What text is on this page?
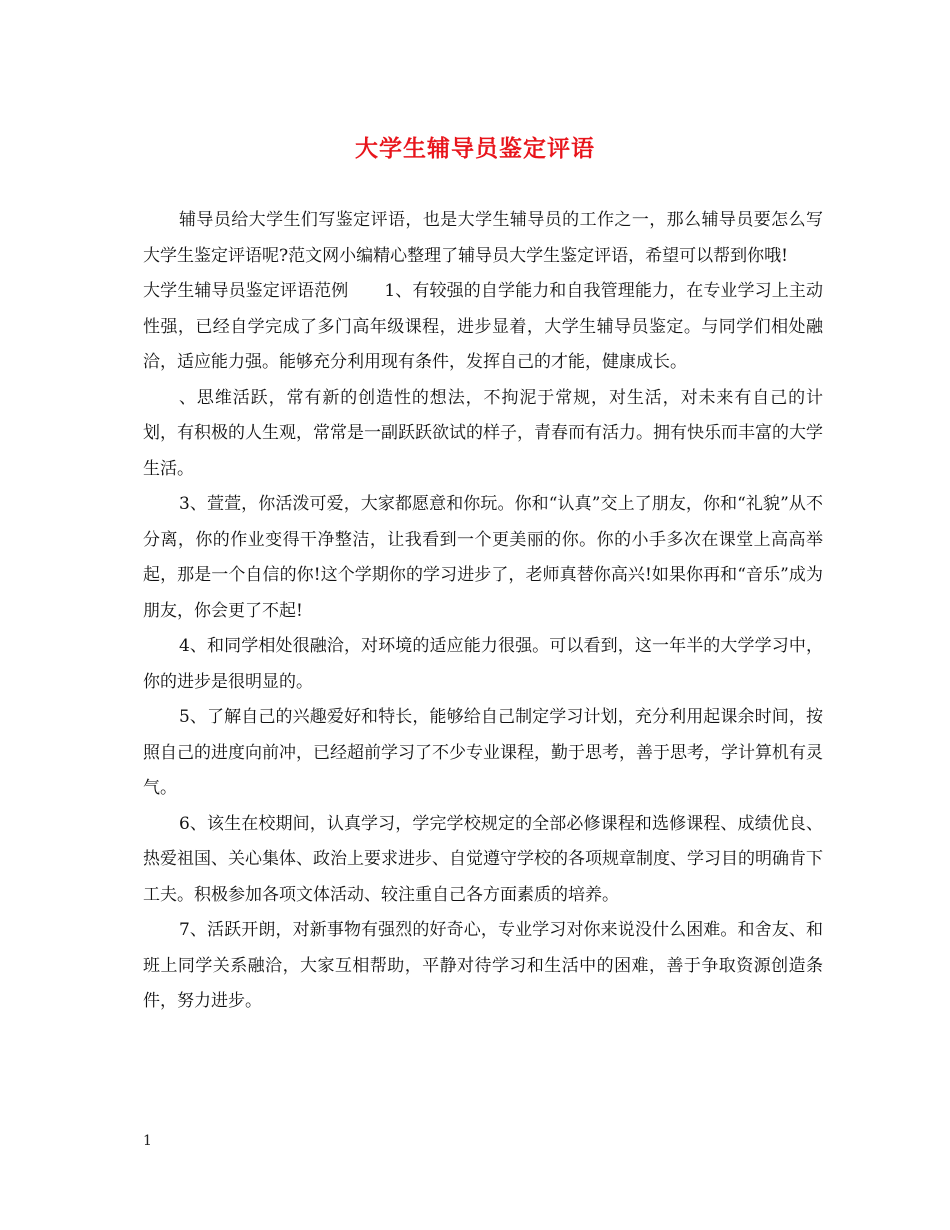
大学生辅导员鉴定评语

辅导员给大学生们写鉴定评语，也是大学生辅导员的工作之一，那么辅导员要怎么写大学生鉴定评语呢?范文网小编精心整理了辅导员大学生鉴定评语，希望可以帮到你哦!

大学生辅导员鉴定评语范例 1、有较强的自学能力和自我管理能力，在专业学习上主动性强，已经自学完成了多门高年级课程，进步显着，大学生辅导员鉴定。与同学们相处融洽，适应能力强。能够充分利用现有条件，发挥自己的才能，健康成长。

、思维活跃，常有新的创造性的想法，不拘泥于常规，对生活，对未来有自己的计划，有积极的人生观，常常是一副跃跃欲试的样子，青春而有活力。拥有快乐而丰富的大学生活。

3、萱萱，你活泼可爱，大家都愿意和你玩。你和“认真”交上了朋友，你和“礼貌”从不分离，你的作业变得干净整洁，让我看到一个更美丽的你。你的小手多次在课堂上高高举起，那是一个自信的你!这个学期你的学习进步了，老师真替你高兴!如果你再和“音乐”成为朋友，你会更了不起!

4、和同学相处很融洽，对环境的适应能力很强。可以看到，这一年半的大学学习中，你的进步是很明显的。

5、了解自己的兴趣爱好和特长，能够给自己制定学习计划，充分利用起课余时间，按照自己的进度向前冲，已经超前学习了不少专业课程，勤于思考，善于思考，学计算机有灵气。

6、该生在校期间，认真学习，学完学校规定的全部必修课程和选修课程、成绩优良、热爱祖国、关心集体、政治上要求进步、自觉遵守学校的各项规章制度、学习目的明确肯下工夫。积极参加各项文体活动、较注重自己各方面素质的培养。

7、活跃开朗，对新事物有强烈的好奇心，专业学习对你来说没什么困难。和舍友、和班上同学关系融洽，大家互相帮助，平静对待学习和生活中的困难，善于争取资源创造条件，努力进步。

1
